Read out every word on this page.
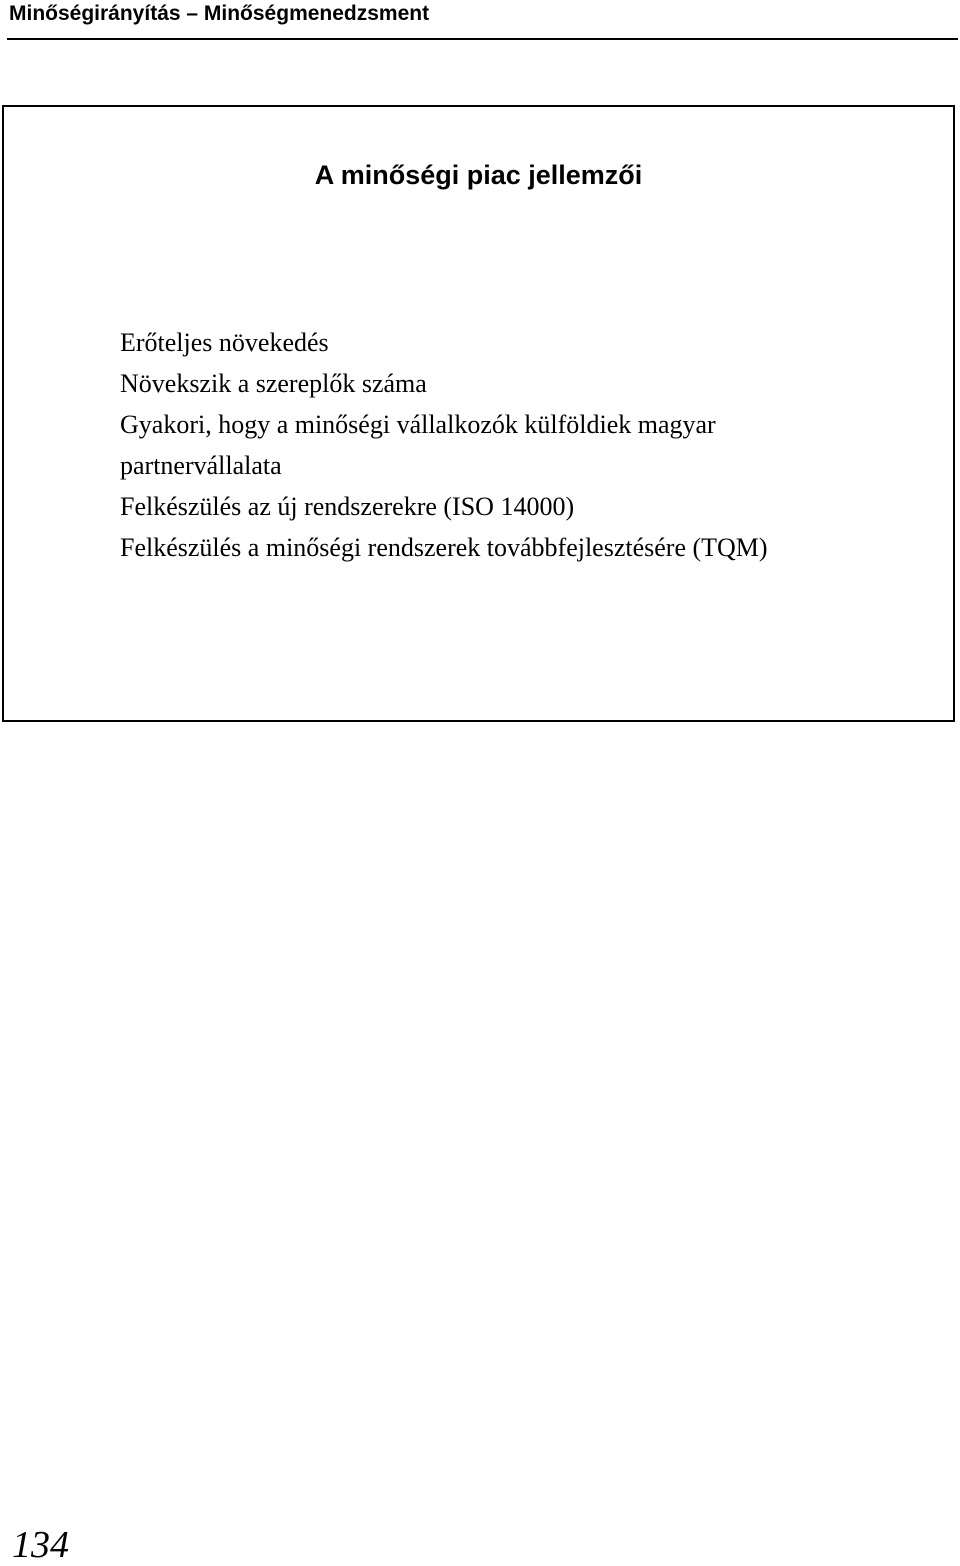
Minőségirányítás – Minőségmenedzsment
A minőségi piac jellemzői
Erőteljes növekedés
Növekszik a szereplők száma
Gyakori, hogy a minőségi vállalkozók külföldiek magyar
partnervállalata
Felkészülés az új rendszerekre (ISO 14000)
Felkészülés a minőségi rendszerek továbbfejlesztésére (TQM)
134
